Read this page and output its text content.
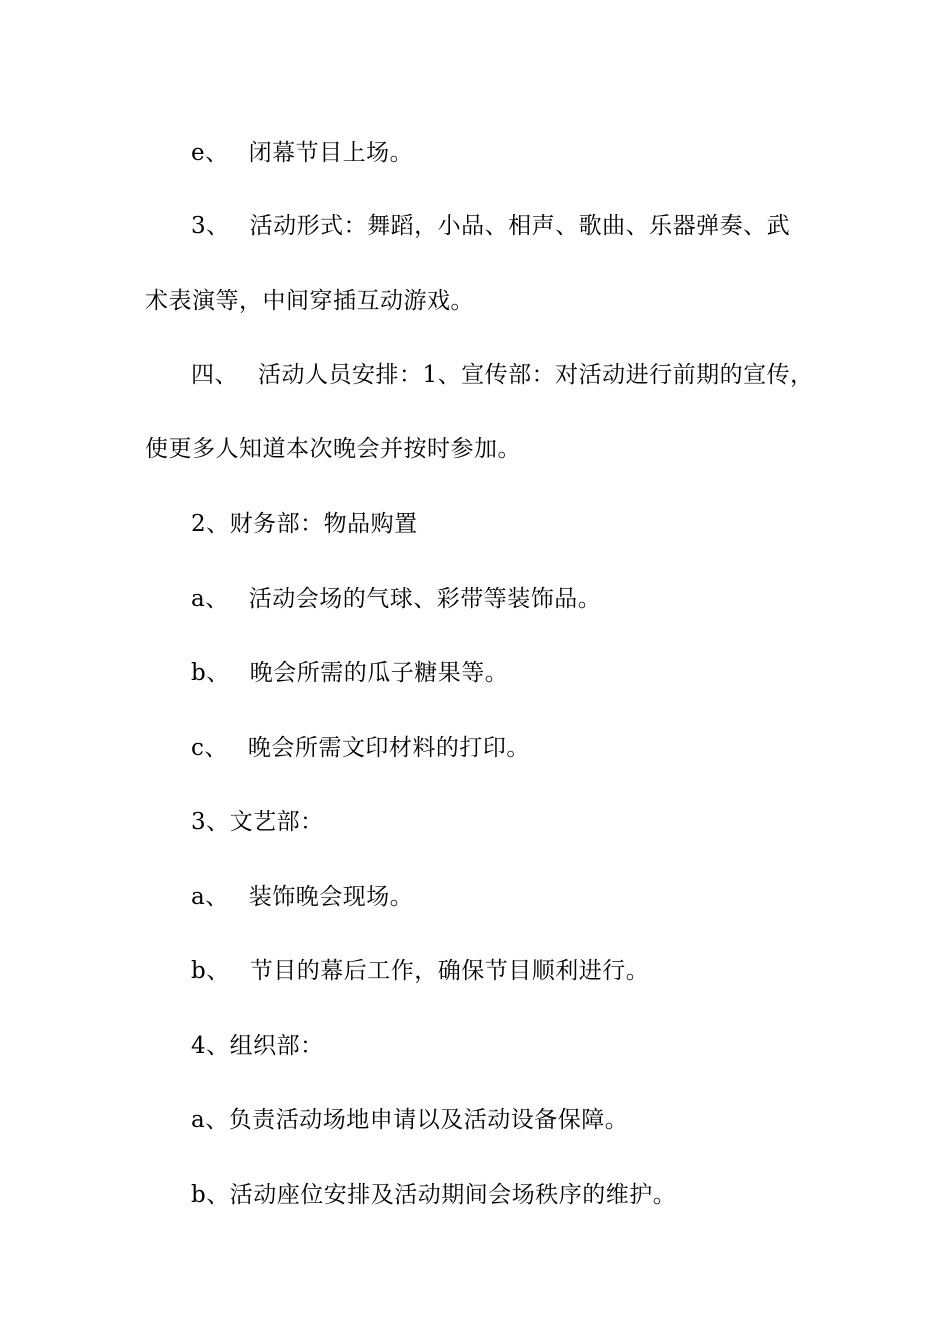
e、 闭幕节目上场。
3、 活动形式：舞蹈，小品、相声、歌曲、乐器弹奏、武
术表演等，中间穿插互动游戏。
四、 活动人员安排：1、宣传部：对活动进行前期的宣传，
使更多人知道本次晚会并按时参加。
2、财务部：物品购置
a、 活动会场的气球、彩带等装饰品。
b、 晚会所需的瓜子糖果等。
c、 晚会所需文印材料的打印。
3、文艺部：
a、 装饰晚会现场。
b、 节目的幕后工作，确保节目顺利进行。
4、组织部：
a、负责活动场地申请以及活动设备保障。
b、活动座位安排及活动期间会场秩序的维护。
